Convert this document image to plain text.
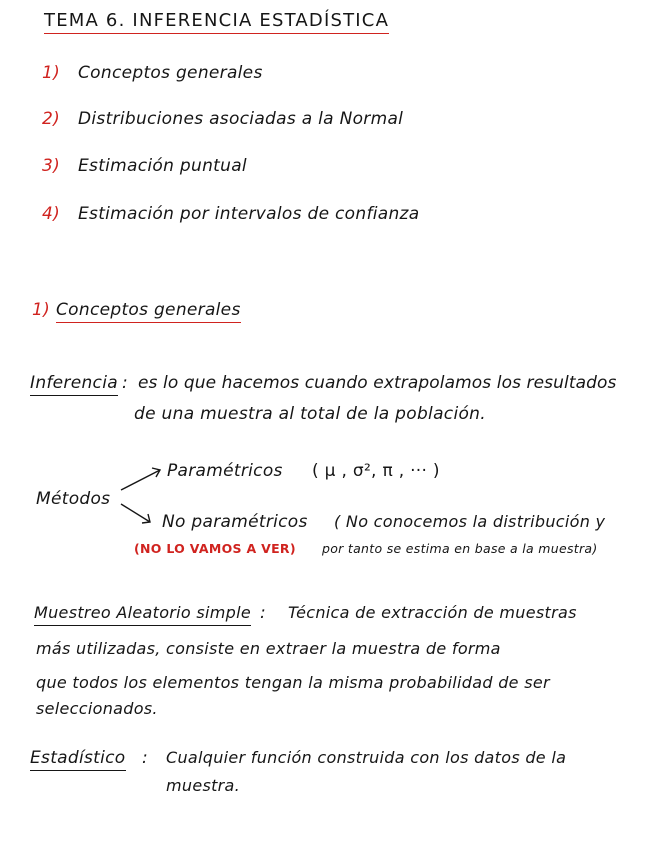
TEMA 6. INFERENCIA ESTADÍSTICA
1) Conceptos generales
2) Distribuciones asociadas a la Normal
3) Estimación puntual
4) Estimación por intervalos de confianza
1) Conceptos generales
Inferencia : es lo que hacemos cuando extrapolamos los resultados
de una muestra al total de la población.
Métodos
Paramétricos ( μ , σ², π , ··· )
No paramétricos ( No conocemos la distribución y
(NO LO VAMOS A VER) por tanto se estima en base a la muestra)
Muestreo Aleatorio simple : Técnica de extracción de muestras
más utilizadas, consiste en extraer la muestra de forma
que todos los elementos tengan la misma probabilidad de ser
seleccionados.
Estadístico : Cualquier función construida con los datos de la
muestra.
